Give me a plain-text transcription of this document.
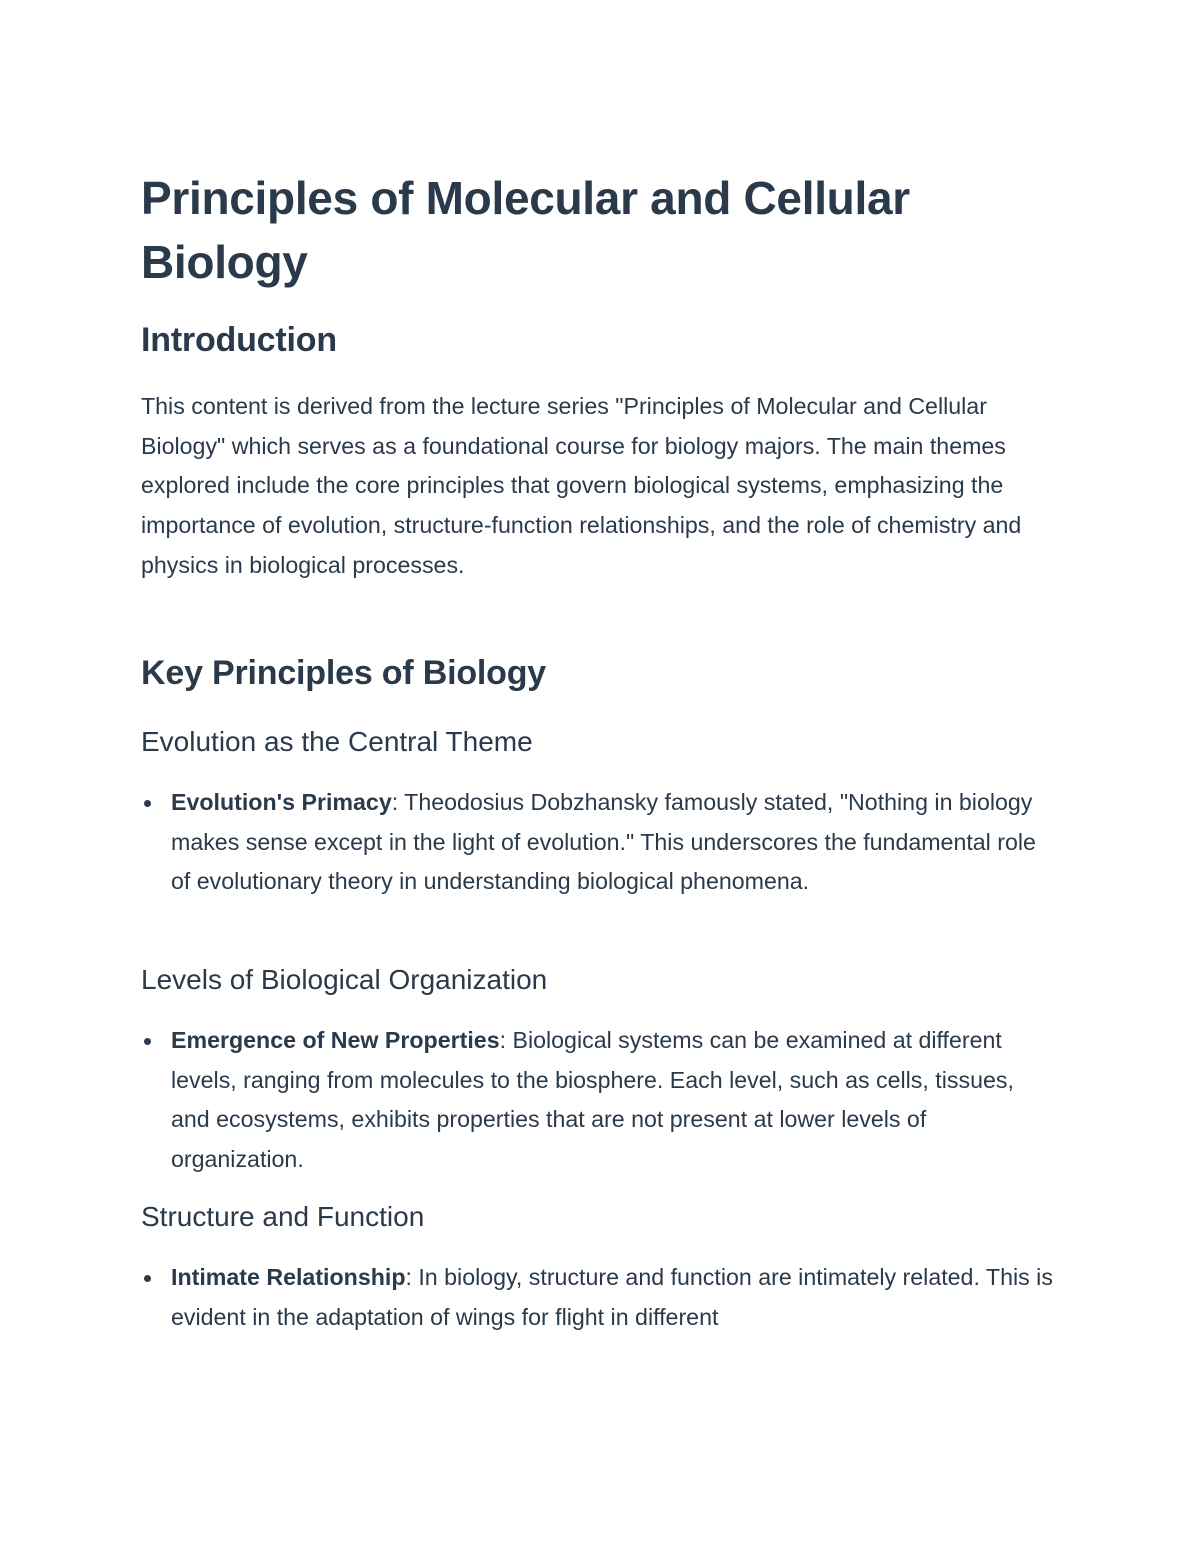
Principles of Molecular and Cellular Biology
Introduction

This content is derived from the lecture series "Principles of Molecular and Cellular Biology" which serves as a foundational course for biology majors. The main themes explored include the core principles that govern biological systems, emphasizing the importance of evolution, structure-function relationships, and the role of chemistry and physics in biological processes.

Key Principles of Biology
Evolution as the Central Theme
Evolution's Primacy: Theodosius Dobzhansky famously stated, "Nothing in biology makes sense except in the light of evolution." This underscores the fundamental role of evolutionary theory in understanding biological phenomena.
Levels of Biological Organization
Emergence of New Properties: Biological systems can be examined at different levels, ranging from molecules to the biosphere. Each level, such as cells, tissues, and ecosystems, exhibits properties that are not present at lower levels of organization.
Structure and Function
Intimate Relationship: In biology, structure and function are intimately related. This is evident in the adaptation of wings for flight in different
